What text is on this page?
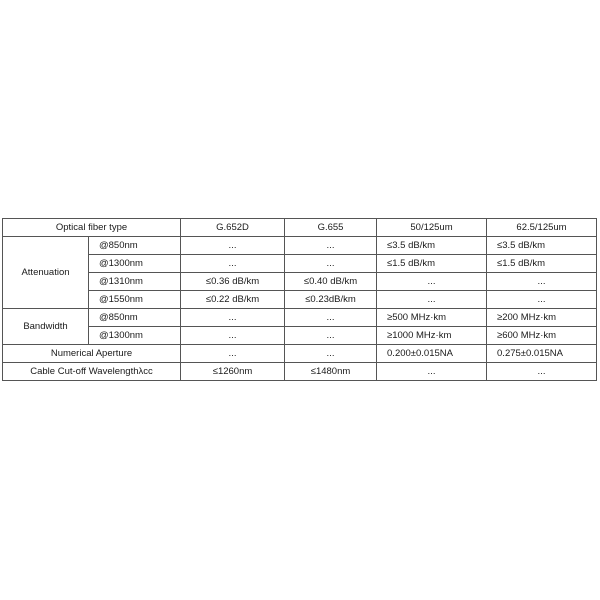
Optical fiber type		G.652D	G.655	50/125um	62.5/125um
Attenuation	@850nm	...	...	≤3.5 dB/km	≤3.5 dB/km
	@1300nm	...	...	≤1.5 dB/km	≤1.5 dB/km
	@1310nm	≤0.36 dB/km	≤0.40 dB/km	...	...
	@1550nm	≤0.22 dB/km	≤0.23dB/km	...	...
Bandwidth	@850nm	...	...	≥500 MHz·km	≥200 MHz·km
	@1300nm	...	...	≥1000 MHz·km	≥600 MHz·km
Numerical Aperture		...	...	0.200±0.015NA	0.275±0.015NA
Cable Cut-off Wavelengthλcc		≤1260nm	≤1480nm	...	...
